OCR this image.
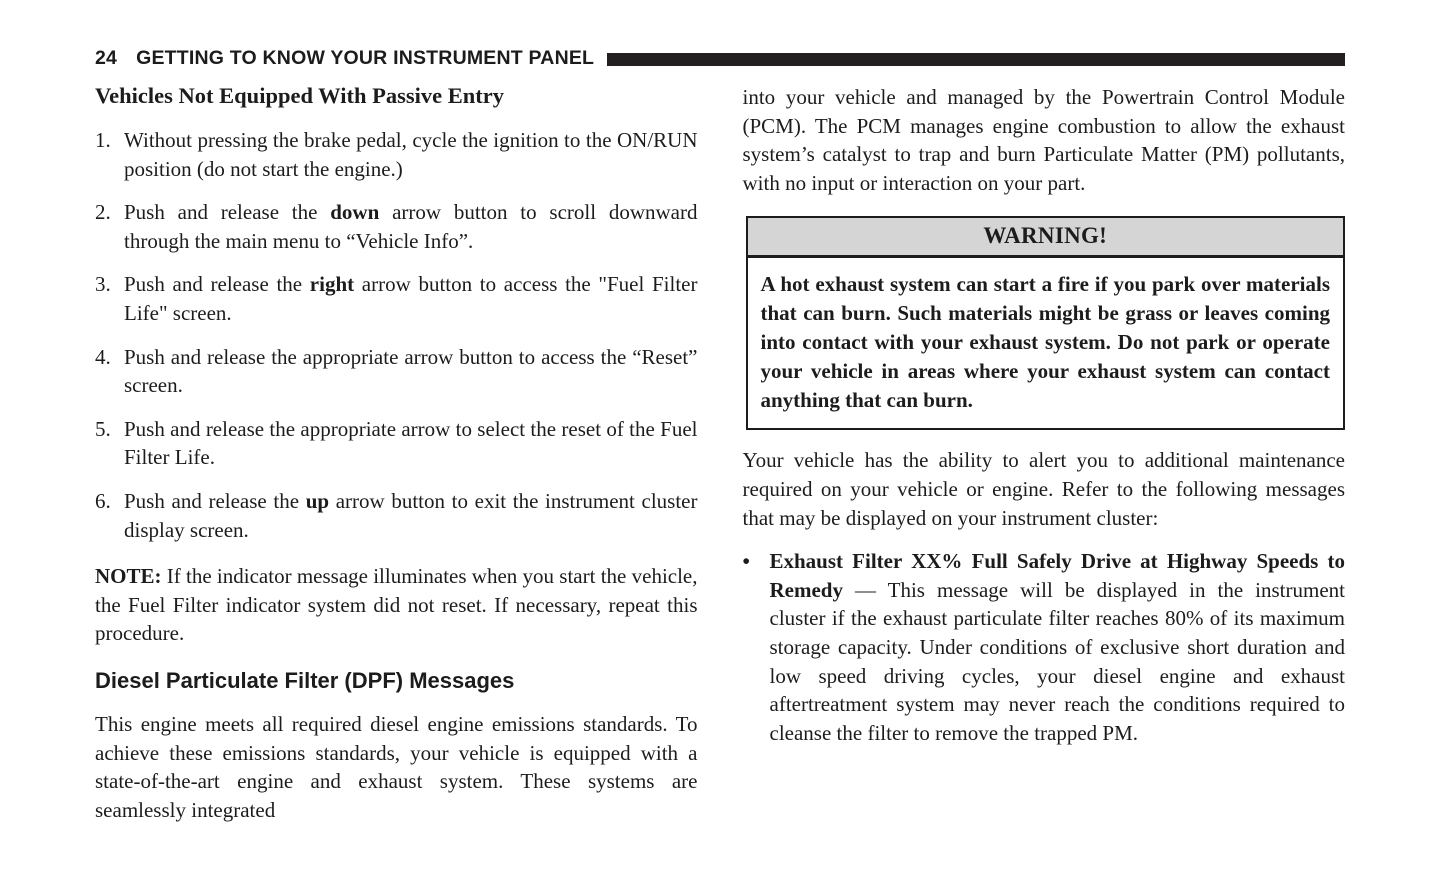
24 GETTING TO KNOW YOUR INSTRUMENT PANEL
Vehicles Not Equipped With Passive Entry
1. Without pressing the brake pedal, cycle the ignition to the ON/RUN position (do not start the engine.)
2. Push and release the down arrow button to scroll downward through the main menu to “Vehicle Info”.
3. Push and release the right arrow button to access the "Fuel Filter Life" screen.
4. Push and release the appropriate arrow button to access the “Reset” screen.
5. Push and release the appropriate arrow to select the reset of the Fuel Filter Life.
6. Push and release the up arrow button to exit the instrument cluster display screen.

NOTE: If the indicator message illuminates when you start the vehicle, the Fuel Filter indicator system did not reset. If necessary, repeat this procedure.

Diesel Particulate Filter (DPF) Messages

This engine meets all required diesel engine emissions standards. To achieve these emissions standards, your vehicle is equipped with a state-of-the-art engine and exhaust system. These systems are seamlessly integrated

into your vehicle and managed by the Powertrain Control Module (PCM). The PCM manages engine combustion to allow the exhaust system’s catalyst to trap and burn Particulate Matter (PM) pollutants, with no input or interaction on your part.

WARNING!
A hot exhaust system can start a fire if you park over materials that can burn. Such materials might be grass or leaves coming into contact with your exhaust system. Do not park or operate your vehicle in areas where your exhaust system can contact anything that can burn.

Your vehicle has the ability to alert you to additional maintenance required on your vehicle or engine. Refer to the following messages that may be displayed on your instrument cluster:

• Exhaust Filter XX% Full Safely Drive at Highway Speeds to Remedy — This message will be displayed in the instrument cluster if the exhaust particulate filter reaches 80% of its maximum storage capacity. Under conditions of exclusive short duration and low speed driving cycles, your diesel engine and exhaust aftertreatment system may never reach the conditions required to cleanse the filter to remove the trapped PM.
